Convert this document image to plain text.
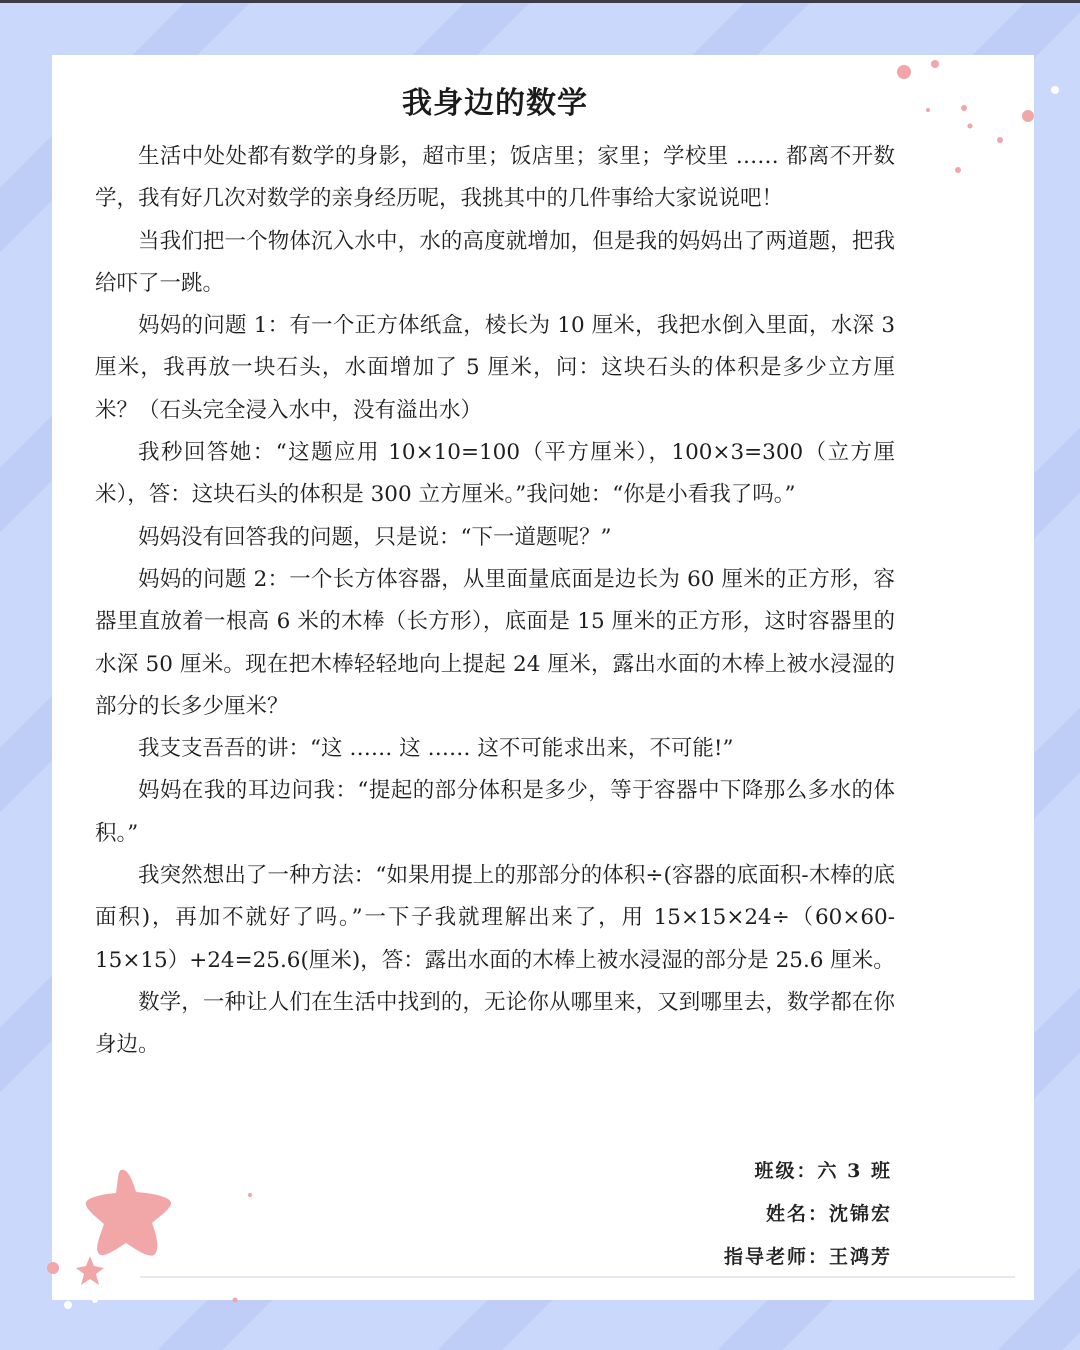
我身边的数学

生活中处处都有数学的身影，超市里；饭店里；家里；学校里 …… 都离不开数学，我有好几次对数学的亲身经历呢，我挑其中的几件事给大家说说吧！

当我们把一个物体沉入水中，水的高度就增加，但是我的妈妈出了两道题，把我给吓了一跳。

妈妈的问题 1：有一个正方体纸盒，棱长为 10 厘米，我把水倒入里面，水深 3 厘米，我再放一块石头，水面增加了 5 厘米，问：这块石头的体积是多少立方厘米？（石头完全浸入水中，没有溢出水）

我秒回答她：“这题应用 10×10=100（平方厘米），100×3=300（立方厘米），答：这块石头的体积是 300 立方厘米。”我问她：“你是小看我了吗。”

妈妈没有回答我的问题，只是说：“下一道题呢？”

妈妈的问题 2：一个长方体容器，从里面量底面是边长为 60 厘米的正方形，容器里直放着一根高 6 米的木棒（长方形），底面是 15 厘米的正方形，这时容器里的水深 50 厘米。现在把木棒轻轻地向上提起 24 厘米，露出水面的木棒上被水浸湿的部分的长多少厘米？

我支支吾吾的讲：“这 …… 这 …… 这不可能求出来，不可能!”

妈妈在我的耳边问我：“提起的部分体积是多少，等于容器中下降那么多水的体积。”

我突然想出了一种方法：“如果用提上的那部分的体积÷(容器的底面积-木棒的底面积)，再加不就好了吗。”一下子我就理解出来了，用 15×15×24÷（60×60-15×15）+24=25.6(厘米)，答：露出水面的木棒上被水浸湿的部分是 25.6 厘米。

数学，一种让人们在生活中找到的，无论你从哪里来，又到哪里去，数学都在你身边。

班级：六 3 班
姓名：沈锦宏
指导老师：王鸿芳
